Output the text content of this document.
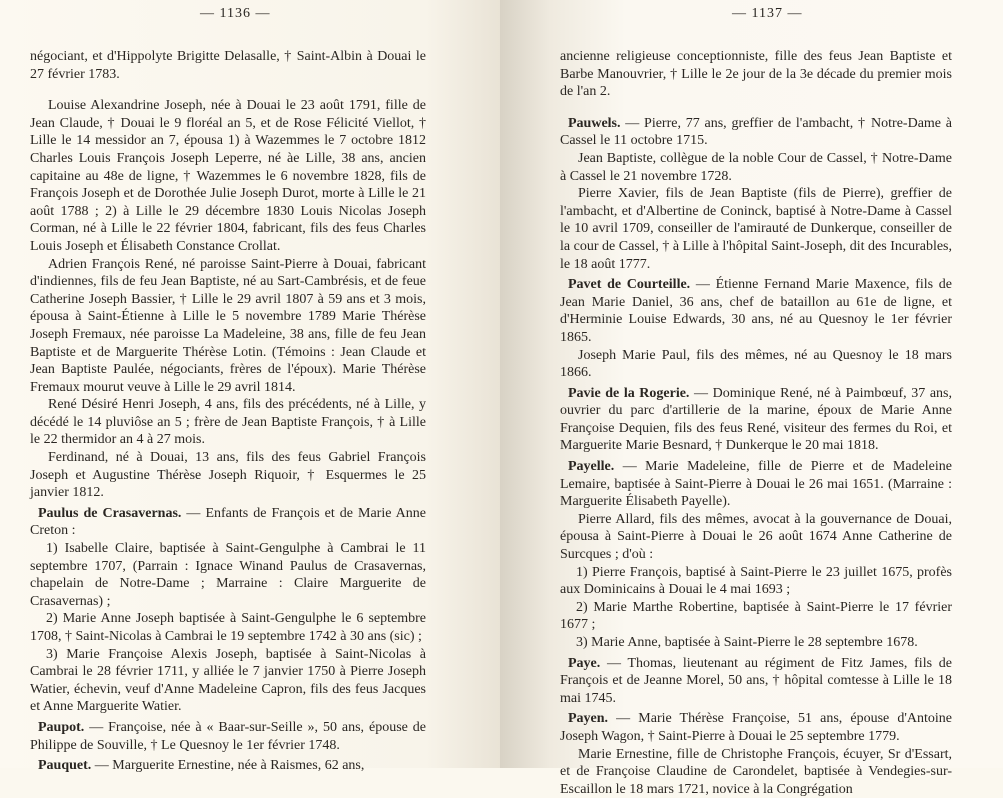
— 1136 —

négociant, et d'Hippolyte Brigitte Delasalle, † Saint-Albin à Douai le 27 février 1783.

Louise Alexandrine Joseph, née à Douai le 23 août 1791, fille de Jean Claude, † Douai le 9 floréal an 5, et de Rose Félicité Viellot, † Lille le 14 messidor an 7, épousa 1) à Wazemmes le 7 octobre 1812 Charles Louis François Joseph Leperre, né àe Lille, 38 ans, ancien capitaine au 48e de ligne, † Wazemmes le 6 novembre 1828, fils de François Joseph et de Dorothée Julie Joseph Durot, morte à Lille le 21 août 1788 ; 2) à Lille le 29 décembre 1830 Louis Nicolas Joseph Corman, né à Lille le 22 février 1804, fabricant, fils des feus Charles Louis Joseph et Élisabeth Constance Crollat.

Adrien François René, né paroisse Saint-Pierre à Douai, fabricant d'indiennes, fils de feu Jean Baptiste, né au Sart-Cambrésis, et de feue Catherine Joseph Bassier, † Lille le 29 avril 1807 à 59 ans et 3 mois, épousa à Saint-Étienne à Lille le 5 novembre 1789 Marie Thérèse Joseph Fremaux, née paroisse La Madeleine, 38 ans, fille de feu Jean Baptiste et de Marguerite Thérèse Lotin. (Témoins : Jean Claude et Jean Baptiste Paulée, négociants, frères de l'époux). Marie Thérèse Fremaux mourut veuve à Lille le 29 avril 1814.

René Désiré Henri Joseph, 4 ans, fils des précédents, né à Lille, y décédé le 14 pluviôse an 5 ; frère de Jean Baptiste François, † à Lille le 22 thermidor an 4 à 27 mois.

Ferdinand, né à Douai, 13 ans, fils des feus Gabriel François Joseph et Augustine Thérèse Joseph Riquoir, † Esquermes le 25 janvier 1812.

Paulus de Crasavernas. — Enfants de François et de Marie Anne Creton :

1) Isabelle Claire, baptisée à Saint-Gengulphe à Cambrai le 11 septembre 1707, (Parrain : Ignace Winand Paulus de Crasavernas, chapelain de Notre-Dame ; Marraine : Claire Marguerite de Crasavernas) ;

2) Marie Anne Joseph baptisée à Saint-Gengulphe le 6 septembre 1708, † Saint-Nicolas à Cambrai le 19 septembre 1742 à 30 ans (sic) ;

3) Marie Françoise Alexis Joseph, baptisée à Saint-Nicolas à Cambrai le 28 février 1711, y alliée le 7 janvier 1750 à Pierre Joseph Watier, échevin, veuf d'Anne Madeleine Capron, fils des feus Jacques et Anne Marguerite Watier.

Paupot. — Françoise, née à « Baar-sur-Seille », 50 ans, épouse de Philippe de Souville, † Le Quesnoy le 1er février 1748.

Pauquet. — Marguerite Ernestine, née à Raismes, 62 ans,

— 1137 —

ancienne religieuse conceptionniste, fille des feus Jean Baptiste et Barbe Manouvrier, † Lille le 2e jour de la 3e décade du premier mois de l'an 2.

Pauwels. — Pierre, 77 ans, greffier de l'ambacht, † Notre-Dame à Cassel le 11 octobre 1715.

Jean Baptiste, collègue de la noble Cour de Cassel, † Notre-Dame à Cassel le 21 novembre 1728.

Pierre Xavier, fils de Jean Baptiste (fils de Pierre), greffier de l'ambacht, et d'Albertine de Coninck, baptisé à Notre-Dame à Cassel le 10 avril 1709, conseiller de l'amirauté de Dunkerque, conseiller de la cour de Cassel, † à Lille à l'hôpital Saint-Joseph, dit des Incurables, le 18 août 1777.

Pavet de Courteille. — Étienne Fernand Marie Maxence, fils de Jean Marie Daniel, 36 ans, chef de bataillon au 61e de ligne, et d'Herminie Louise Edwards, 30 ans, né au Quesnoy le 1er février 1865.

Joseph Marie Paul, fils des mêmes, né au Quesnoy le 18 mars 1866.

Pavie de la Rogerie. — Dominique René, né à Paimbœuf, 37 ans, ouvrier du parc d'artillerie de la marine, époux de Marie Anne Françoise Dequien, fils des feus René, visiteur des fermes du Roi, et Marguerite Marie Besnard, † Dunkerque le 20 mai 1818.

Payelle. — Marie Madeleine, fille de Pierre et de Madeleine Lemaire, baptisée à Saint-Pierre à Douai le 26 mai 1651. (Marraine : Marguerite Élisabeth Payelle).

Pierre Allard, fils des mêmes, avocat à la gouvernance de Douai, épousa à Saint-Pierre à Douai le 26 août 1674 Anne Catherine de Surcques ; d'où :

1) Pierre François, baptisé à Saint-Pierre le 23 juillet 1675, profès aux Dominicains à Douai le 4 mai 1693 ;

2) Marie Marthe Robertine, baptisée à Saint-Pierre le 17 février 1677 ;

3) Marie Anne, baptisée à Saint-Pierre le 28 septembre 1678.

Paye. — Thomas, lieutenant au régiment de Fitz James, fils de François et de Jeanne Morel, 50 ans, † hôpital comtesse à Lille le 18 mai 1745.

Payen. — Marie Thérèse Françoise, 51 ans, épouse d'Antoine Joseph Wagon, † Saint-Pierre à Douai le 25 septembre 1779.

Marie Ernestine, fille de Christophe François, écuyer, Sr d'Essart, et de Françoise Claudine de Carondelet, baptisée à Vendegies-sur-Escaillon le 18 mars 1721, novice à la Congrégation
